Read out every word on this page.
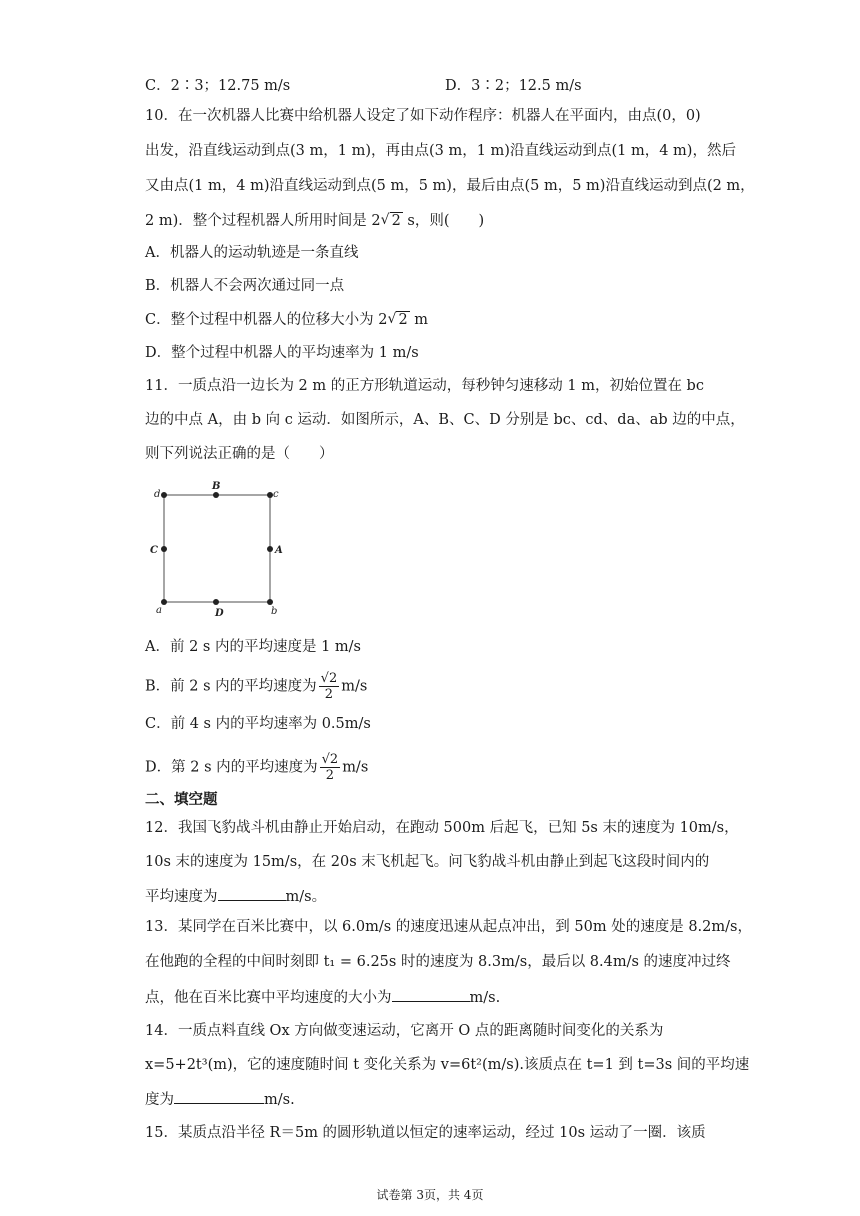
C．2∶3；12.75 m/s	D．3∶2；12.5 m/s
10．在一次机器人比赛中给机器人设定了如下动作程序：机器人在平面内，由点(0，0)
出发，沿直线运动到点(3 m，1 m)，再由点(3 m，1 m)沿直线运动到点(1 m，4 m)，然后
又由点(1 m，4 m)沿直线运动到点(5 m，5 m)，最后由点(5 m，5 m)沿直线运动到点(2 m，
2 m)．整个过程机器人所用时间是 2 √ 2 s，则(　　)
A．机器人的运动轨迹是一条直线
B．机器人不会两次通过同一点
C．整个过程中机器人的位移大小为 2 √ 2 m
D．整个过程中机器人的平均速率为 1 m/s
11．一质点沿一边长为 2 m 的正方形轨道运动，每秒钟匀速移动 1 m，初始位置在 bc
边的中点 A，由 b 向 c 运动．如图所示，A、B、C、D 分别是 bc、cd、da、ab 边的中点，
则下列说法正确的是（　　）
d
B
c
C	A
a	D	b
A．前 2 s 内的平均速度是 1 m/s
B．前 2 s 内的平均速度为 $\frac{√2}{2} m/s$
C．前 4 s 内的平均速率为 0.5m/s
D．第 2 s 内的平均速度为 $\frac{√2}{2} m/s$
二、填空题
12．我国飞豹战斗机由静止开始启动，在跑动 500m 后起飞，已知 5s 末的速度为 10m/s，
10s 末的速度为 15m/s，在 20s 末飞机起飞。问飞豹战斗机由静止到起飞这段时间内的
平均速度为	m/s。
13．某同学在百米比赛中，以 6.0m/s 的速度迅速从起点冲出，到 50m 处的速度是 8.2m/s，
在他跑的全程的中间时刻即 t₁ = 6.25s 时的速度为 8.3m/s，最后以 8.4m/s 的速度冲过终
点，他在百米比赛中平均速度的大小为	m/s.
14．一质点料直线 Ox 方向做变速运动，它离开 O 点的距离随时间变化的关系为
x=5+2t³(m)，它的速度随时间 t 变化关系为 v=6t²(m/s).该质点在 t=1 到 t=3s 间的平均速
度为	m/s.
15．某质点沿半径 R＝5m 的圆形轨道以恒定的速率运动，经过 10s 运动了一圈．该质
试卷第 3页，共 4页
